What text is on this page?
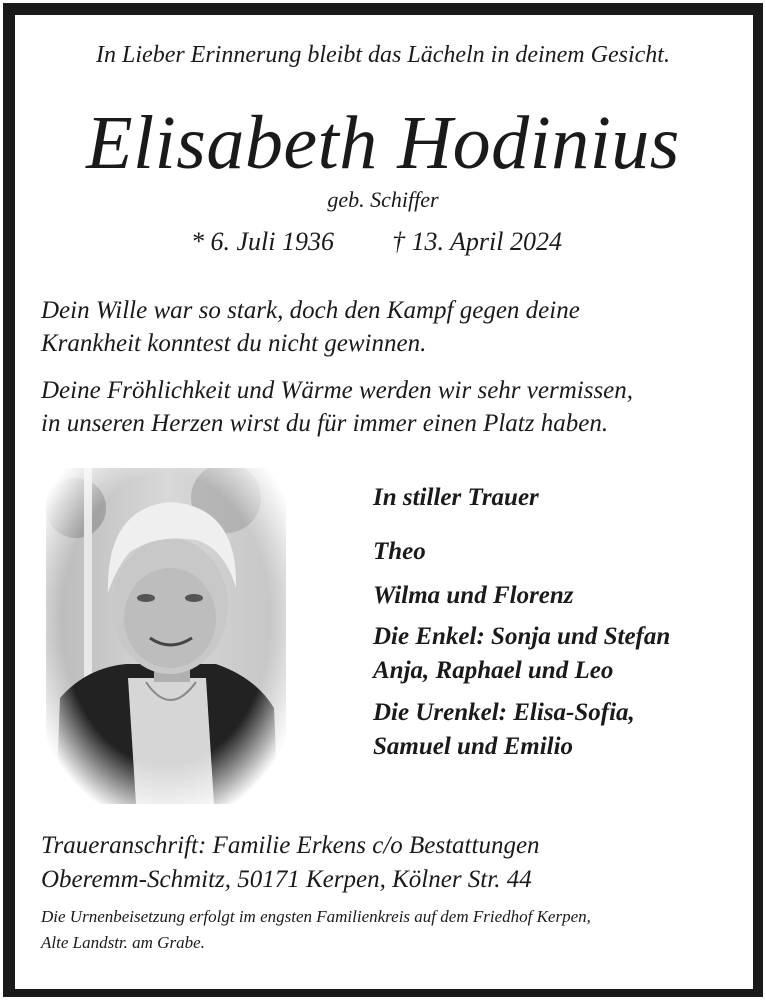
In Lieber Erinnerung bleibt das Lächeln in deinem Gesicht.
Elisabeth Hodinius
geb. Schiffer
* 6. Juli 1936 † 13. April 2024
Dein Wille war so stark, doch den Kampf gegen deine
Krankheit konntest du nicht gewinnen.
Deine Fröhlichkeit und Wärme werden wir sehr vermissen,
in unseren Herzen wirst du für immer einen Platz haben.
In stiller Trauer
Theo
Wilma und Florenz
Die Enkel: Sonja und Stefan
Anja, Raphael und Leo
Die Urenkel: Elisa-Sofia,
Samuel und Emilio
Traueranschrift: Familie Erkens c/o Bestattungen
Oberemm-Schmitz, 50171 Kerpen, Kölner Str. 44
Die Urnenbeisetzung erfolgt im engsten Familienkreis auf dem Friedhof Kerpen,
Alte Landstr. am Grabe.
